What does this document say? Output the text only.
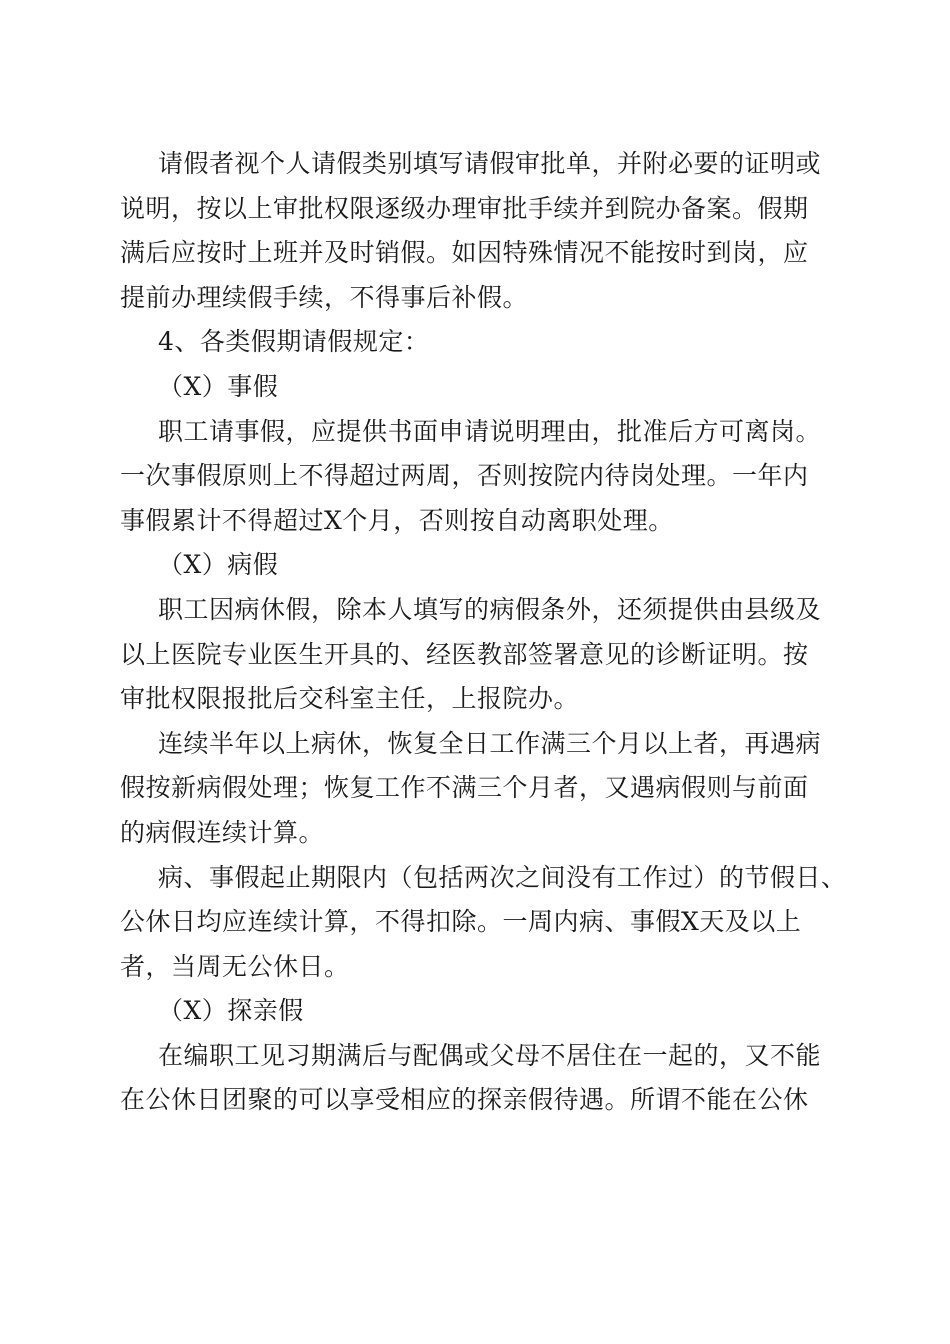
请假者视个人请假类别填写请假审批单，并附必要的证明或
说明，按以上审批权限逐级办理审批手续并到院办备案。假期
满后应按时上班并及时销假。如因特殊情况不能按时到岗，应
提前办理续假手续，不得事后补假。
4、各类假期请假规定：
（X）事假
职工请事假，应提供书面申请说明理由，批准后方可离岗。
一次事假原则上不得超过两周，否则按院内待岗处理。一年内
事假累计不得超过X个月，否则按自动离职处理。
（X）病假
职工因病休假，除本人填写的病假条外，还须提供由县级及
以上医院专业医生开具的、经医教部签署意见的诊断证明。按
审批权限报批后交科室主任，上报院办。
连续半年以上病休，恢复全日工作满三个月以上者，再遇病
假按新病假处理；恢复工作不满三个月者，又遇病假则与前面
的病假连续计算。
病、事假起止期限内（包括两次之间没有工作过）的节假日、
公休日均应连续计算，不得扣除。一周内病、事假X天及以上
者，当周无公休日。
（X）探亲假
在编职工见习期满后与配偶或父母不居住在一起的，又不能
在公休日团聚的可以享受相应的探亲假待遇。所谓不能在公休
